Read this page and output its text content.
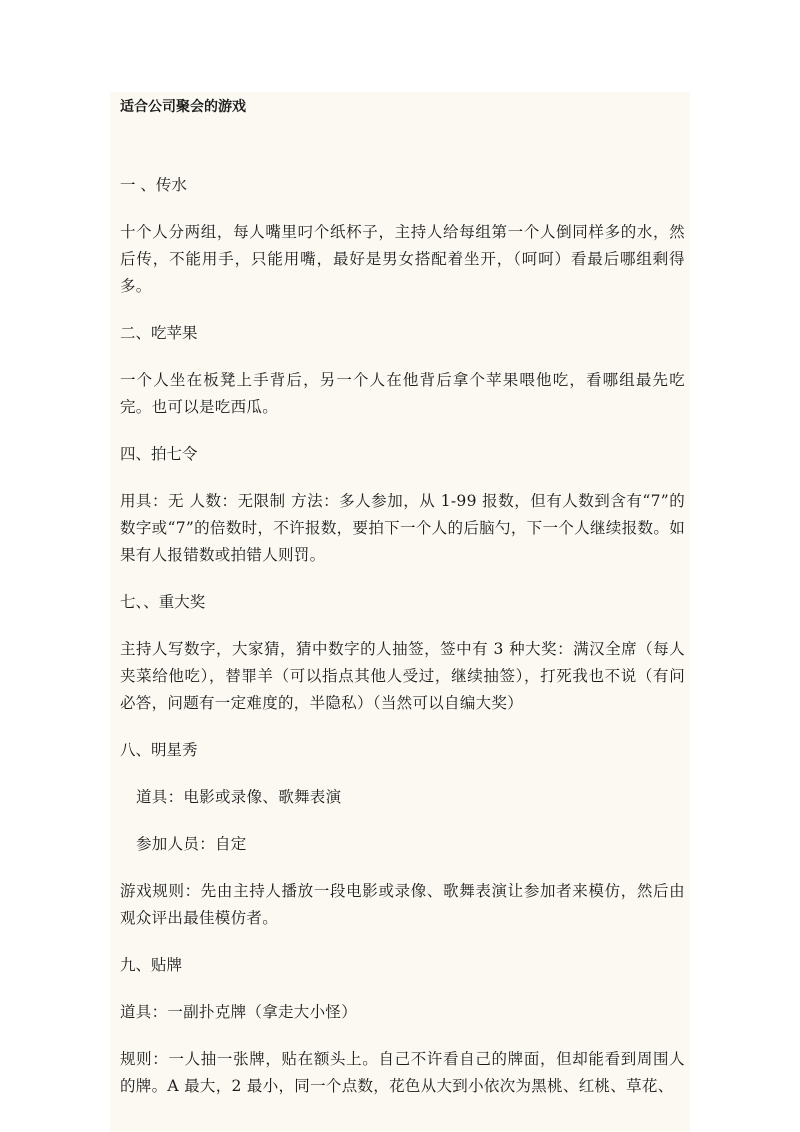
适合公司聚会的游戏

一 、传水

十个人分两组，每人嘴里叼个纸杯子，主持人给每组第一个人倒同样多的水，然后传，不能用手，只能用嘴，最好是男女搭配着坐开，（呵呵）看最后哪组剩得多。

二、吃苹果

一个人坐在板凳上手背后，另一个人在他背后拿个苹果喂他吃，看哪组最先吃完。也可以是吃西瓜。

四、拍七令

用具：无 人数：无限制 方法：多人参加，从 1-99 报数，但有人数到含有“7”的数字或“7”的倍数时，不许报数，要拍下一个人的后脑勺，下一个人继续报数。如果有人报错数或拍错人则罚。

七、、重大奖

主持人写数字，大家猜，猜中数字的人抽签，签中有 3 种大奖：满汉全席（每人夹菜给他吃），替罪羊（可以指点其他人受过，继续抽签），打死我也不说（有问必答，问题有一定难度的，半隐私）（当然可以自编大奖）

八、明星秀

道具：电影或录像、歌舞表演

参加人员：自定

游戏规则：先由主持人播放一段电影或录像、歌舞表演让参加者来模仿，然后由观众评出最佳模仿者。

九、贴牌

道具：一副扑克牌（拿走大小怪）

规则：一人抽一张牌，贴在额头上。自己不许看自己的牌面，但却能看到周围人的牌。A 最大，2 最小，同一个点数，花色从大到小依次为黑桃、红桃、草花、
